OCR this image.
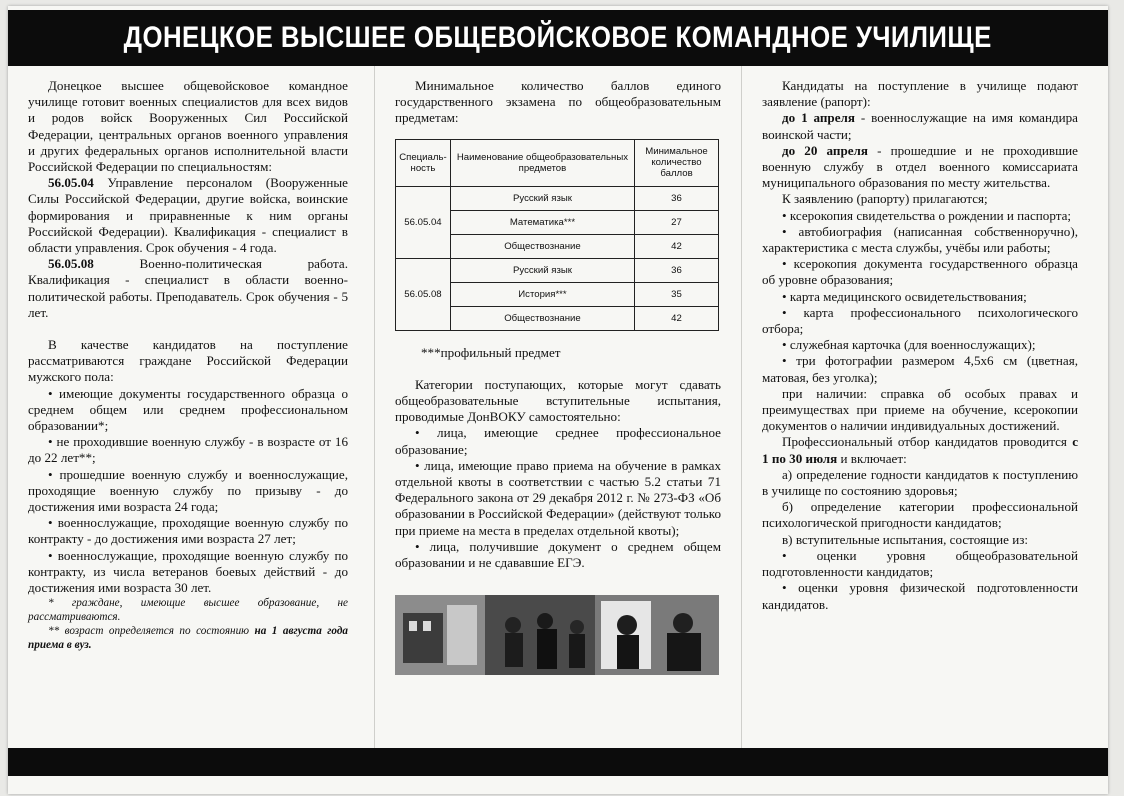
ДОНЕЦКОЕ ВЫСШЕЕ ОБЩЕВОЙСКОВОЕ КОМАНДНОЕ УЧИЛИЩЕ

Донецкое высшее общевойсковое командное училище готовит военных специалистов для всех видов и родов войск Вооруженных Сил Российской Федерации, центральных органов военного управления и других федеральных органов исполнительной власти Российской Федерации по специальностям:

56.05.04 Управление персоналом (Вооруженные Силы Российской Федерации, другие войска, воинские формирования и приравненные к ним органы Российской Федерации). Квалификация - специалист в области управления. Срок обучения - 4 года.

56.05.08 Военно-политическая работа. Квалификация - специалист в области военно-политической работы. Преподаватель. Срок обучения - 5 лет.

В качестве кандидатов на поступление рассматриваются граждане Российской Федерации мужского пола:

• имеющие документы государственного образца о среднем общем или среднем профессиональном образовании*;

• не проходившие военную службу - в возрасте от 16 до 22 лет**;

• прошедшие военную службу и военнослужащие, проходящие военную службу по призыву - до достижения ими возраста 24 года;

• военнослужащие, проходящие военную службу по контракту - до достижения ими возраста 27 лет;

• военнослужащие, проходящие военную службу по контракту, из числа ветеранов боевых действий - до достижения ими возраста 30 лет.

* граждане, имеющие высшее образование, не рассматриваются.

** возраст определяется по состоянию на 1 августа года приема в вуз.

Минимальное количество баллов единого государственного экзамена по общеобразовательным предметам:

Специаль-ность	Наименование общеобразовательных предметов	Минимальное количество баллов
56.05.04	Русский язык	36
	Математика***	27
	Обществознание	42
56.05.08	Русский язык	36
	История***	35
	Обществознание	42

***профильный предмет

Категории поступающих, которые могут сдавать общеобразовательные вступительные испытания, проводимые ДонВОКУ самостоятельно:

• лица, имеющие среднее профессиональное образование;

• лица, имеющие право приема на обучение в рамках отдельной квоты в соответствии с частью 5.2 статьи 71 Федерального закона от 29 декабря 2012 г. № 273-ФЗ «Об образовании в Российской Федерации» (действуют только при приеме на места в пределах отдельной квоты);

• лица, получившие документ о среднем общем образовании и не сдававшие ЕГЭ.

Кандидаты на поступление в училище подают заявление (рапорт):

до 1 апреля - военнослужащие на имя командира воинской части;

до 20 апреля - прошедшие и не проходившие военную службу в отдел военного комиссариата муниципального образования по месту жительства.

К заявлению (рапорту) прилагаются;

• ксерокопия свидетельства о рождении и паспорта;

• автобиография (написанная собственноручно), характеристика с места службы, учёбы или работы;

• ксерокопия документа государственного образца об уровне образования;

• карта медицинского освидетельствования;

• карта профессионального психологического отбора;

• служебная карточка (для военнослужащих);

• три фотографии размером 4,5х6 см (цветная, матовая, без уголка);

при наличии: справка об особых правах и преимуществах при приеме на обучение, ксерокопии документов о наличии индивидуальных достижений.

Профессиональный отбор кандидатов проводится с 1 по 30 июля и включает:

а) определение годности кандидатов к поступлению в училище по состоянию здоровья;

б) определение категории профессиональной психологической пригодности кандидатов;

в) вступительные испытания, состоящие из:

• оценки уровня общеобразовательной подготовленности кандидатов;

• оценки уровня физической подготовленности кандидатов.
